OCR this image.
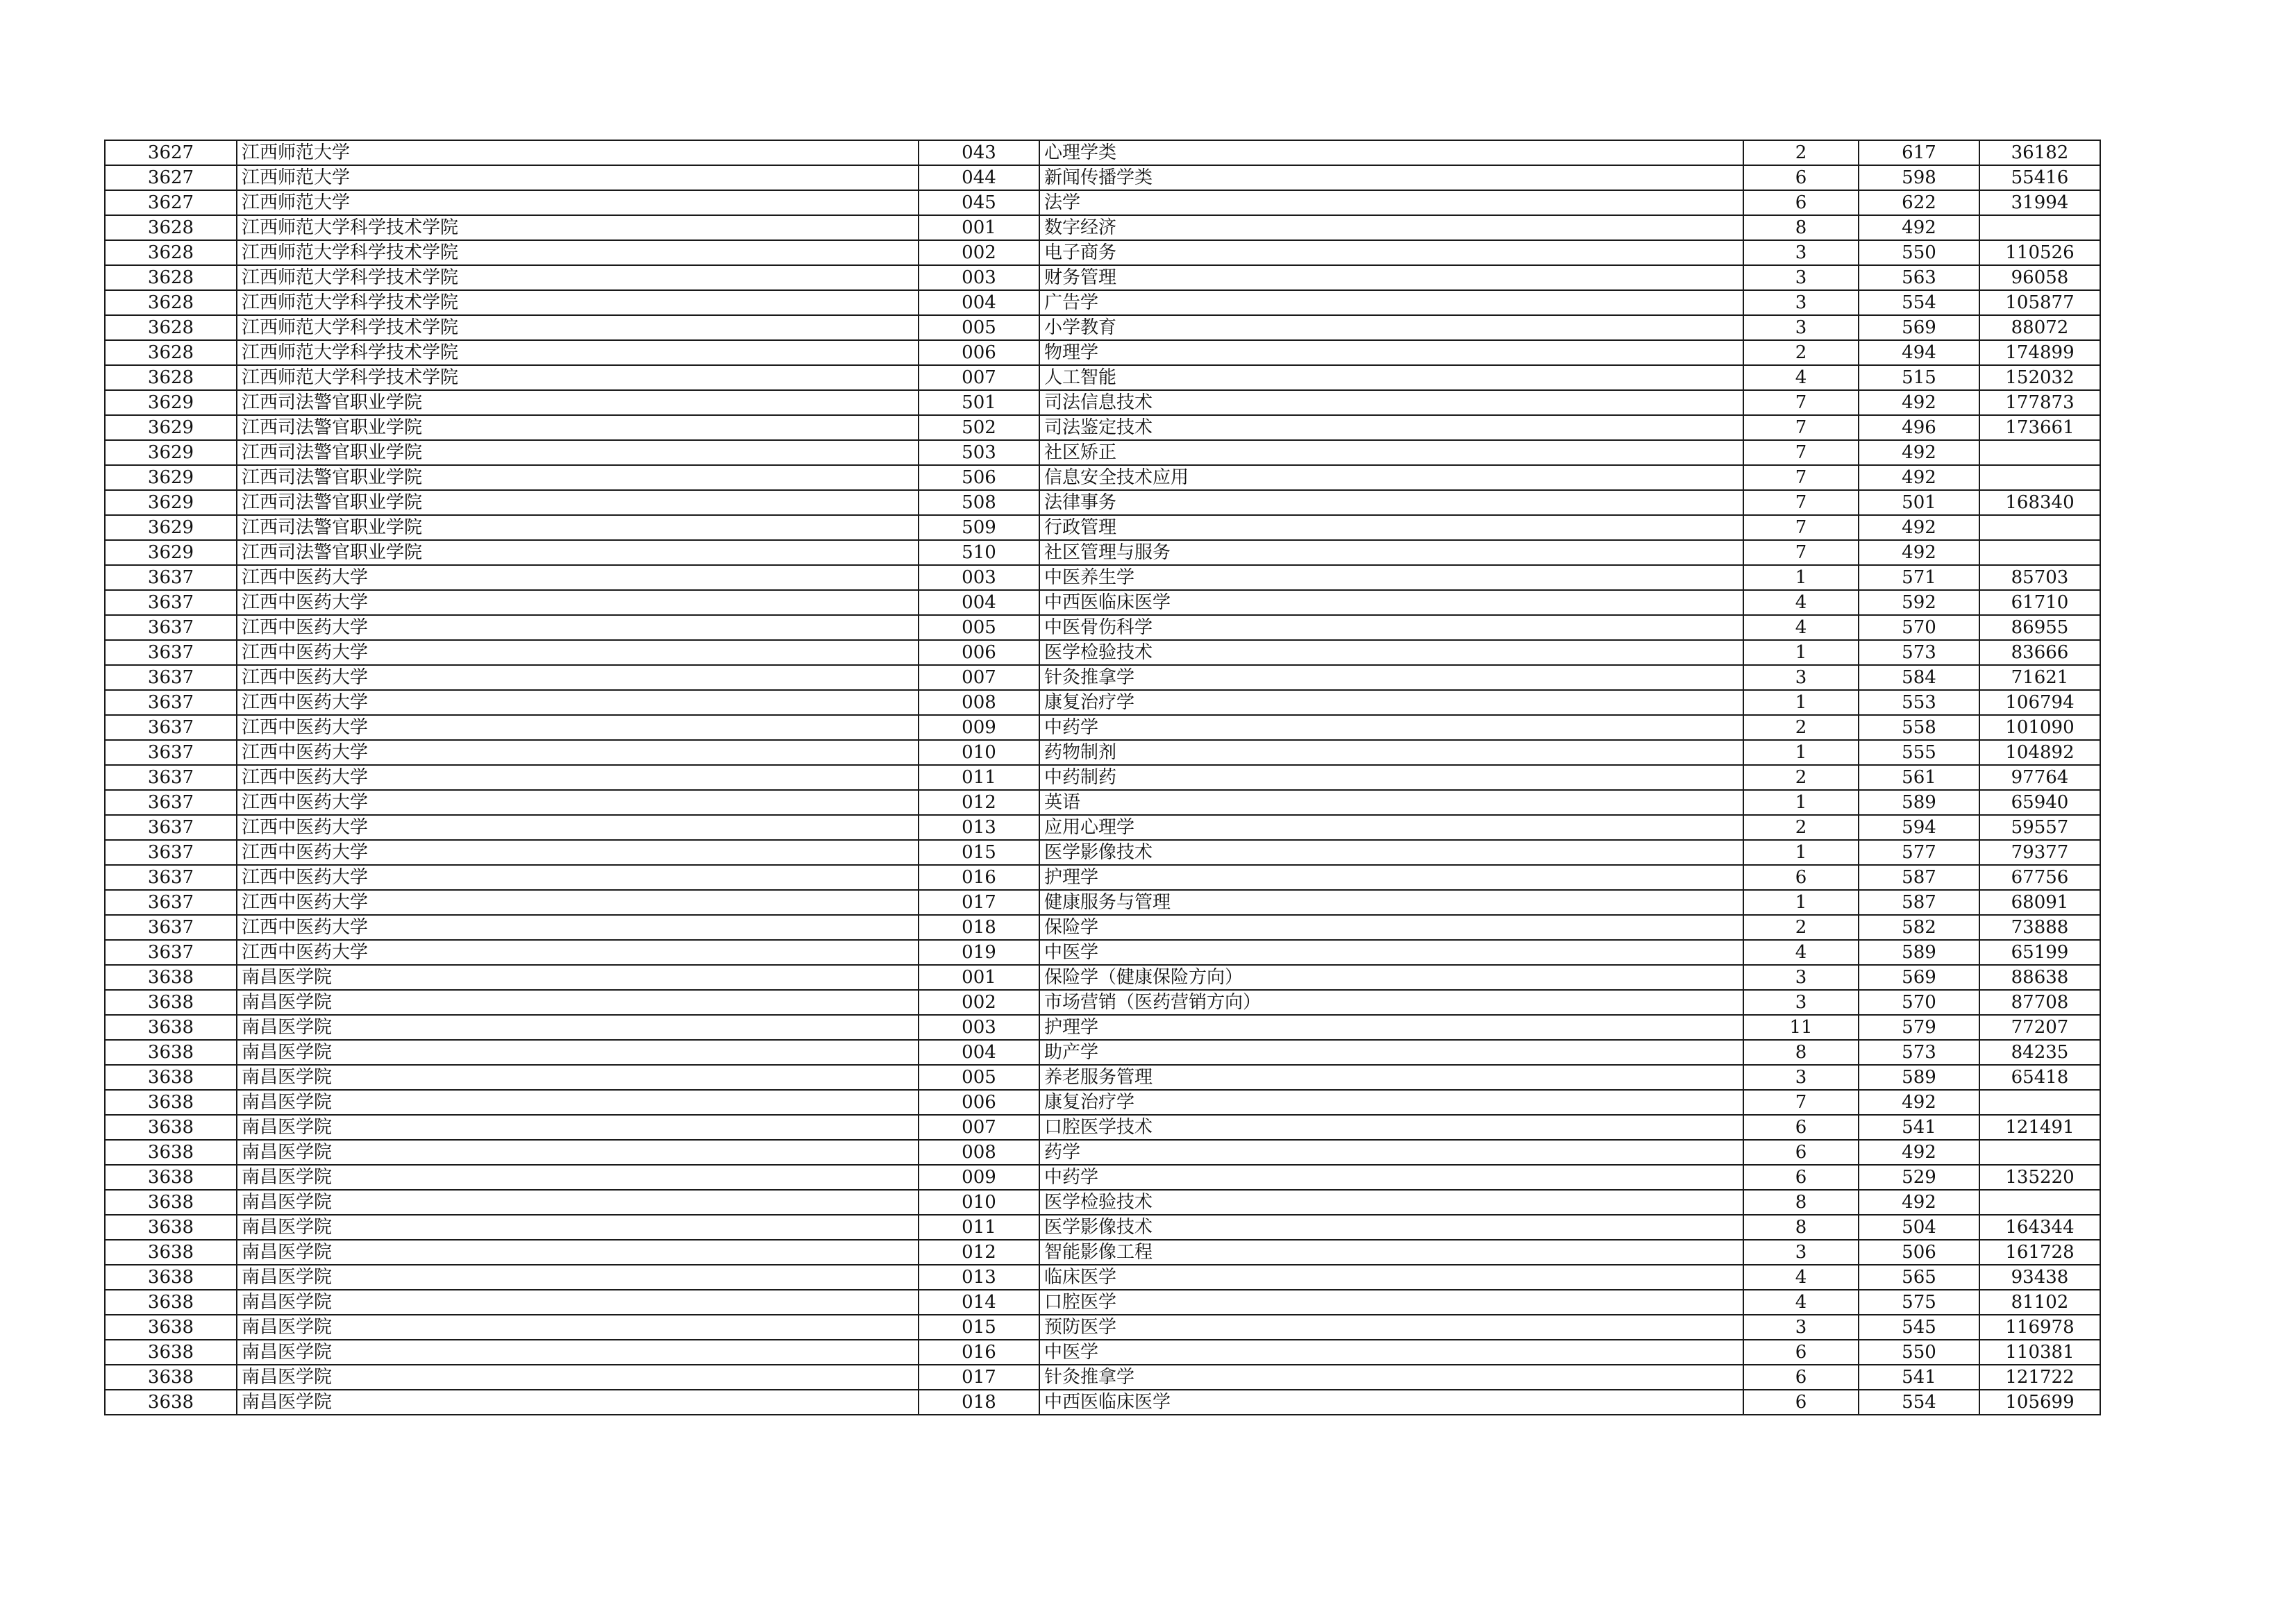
3627	江西师范大学	043	心理学类	2	617	36182
3627	江西师范大学	044	新闻传播学类	6	598	55416
3627	江西师范大学	045	法学	6	622	31994
3628	江西师范大学科学技术学院	001	数字经济	8	492	
3628	江西师范大学科学技术学院	002	电子商务	3	550	110526
3628	江西师范大学科学技术学院	003	财务管理	3	563	96058
3628	江西师范大学科学技术学院	004	广告学	3	554	105877
3628	江西师范大学科学技术学院	005	小学教育	3	569	88072
3628	江西师范大学科学技术学院	006	物理学	2	494	174899
3628	江西师范大学科学技术学院	007	人工智能	4	515	152032
3629	江西司法警官职业学院	501	司法信息技术	7	492	177873
3629	江西司法警官职业学院	502	司法鉴定技术	7	496	173661
3629	江西司法警官职业学院	503	社区矫正	7	492	
3629	江西司法警官职业学院	506	信息安全技术应用	7	492	
3629	江西司法警官职业学院	508	法律事务	7	501	168340
3629	江西司法警官职业学院	509	行政管理	7	492	
3629	江西司法警官职业学院	510	社区管理与服务	7	492	
3637	江西中医药大学	003	中医养生学	1	571	85703
3637	江西中医药大学	004	中西医临床医学	4	592	61710
3637	江西中医药大学	005	中医骨伤科学	4	570	86955
3637	江西中医药大学	006	医学检验技术	1	573	83666
3637	江西中医药大学	007	针灸推拿学	3	584	71621
3637	江西中医药大学	008	康复治疗学	1	553	106794
3637	江西中医药大学	009	中药学	2	558	101090
3637	江西中医药大学	010	药物制剂	1	555	104892
3637	江西中医药大学	011	中药制药	2	561	97764
3637	江西中医药大学	012	英语	1	589	65940
3637	江西中医药大学	013	应用心理学	2	594	59557
3637	江西中医药大学	015	医学影像技术	1	577	79377
3637	江西中医药大学	016	护理学	6	587	67756
3637	江西中医药大学	017	健康服务与管理	1	587	68091
3637	江西中医药大学	018	保险学	2	582	73888
3637	江西中医药大学	019	中医学	4	589	65199
3638	南昌医学院	001	保险学（健康保险方向）	3	569	88638
3638	南昌医学院	002	市场营销（医药营销方向）	3	570	87708
3638	南昌医学院	003	护理学	11	579	77207
3638	南昌医学院	004	助产学	8	573	84235
3638	南昌医学院	005	养老服务管理	3	589	65418
3638	南昌医学院	006	康复治疗学	7	492	
3638	南昌医学院	007	口腔医学技术	6	541	121491
3638	南昌医学院	008	药学	6	492	
3638	南昌医学院	009	中药学	6	529	135220
3638	南昌医学院	010	医学检验技术	8	492	
3638	南昌医学院	011	医学影像技术	8	504	164344
3638	南昌医学院	012	智能影像工程	3	506	161728
3638	南昌医学院	013	临床医学	4	565	93438
3638	南昌医学院	014	口腔医学	4	575	81102
3638	南昌医学院	015	预防医学	3	545	116978
3638	南昌医学院	016	中医学	6	550	110381
3638	南昌医学院	017	针灸推拿学	6	541	121722
3638	南昌医学院	018	中西医临床医学	6	554	105699
